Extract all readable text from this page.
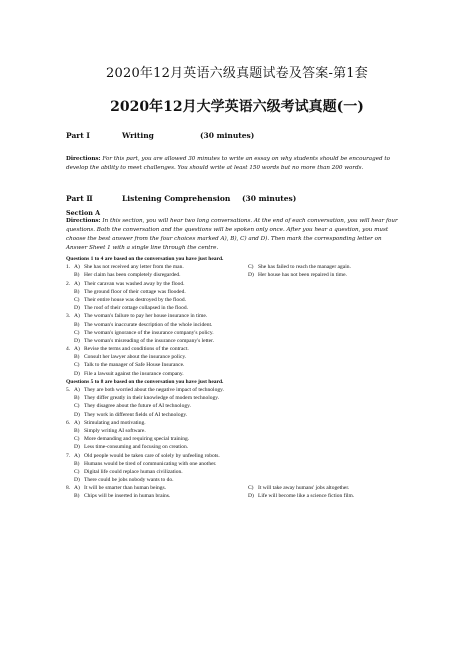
2020年12月英语六级真题试卷及答案-第1套
2020年12月大学英语六级考试真题(一)
Part Ⅰ	Writing	(30 minutes)
Directions: For this part, you are allowed 30 minutes to write an essay on why students should be encouraged to develop the ability to meet challenges. You should write at least 150 words but no more than 200 words.
Part Ⅱ	Listening Comprehension (30 minutes)
Section A
Directions: In this section, you will hear two long conversations. At the end of each conversation, you will hear four questions. Both the conversation and the questions will be spoken only once. After you hear a question, you must choose the best answer from the four choices marked A), B), C) and D). Then mark the corresponding letter on Answer Sheet 1 with a single line through the centre.
Questions 1 to 4 are based on the conversation you have just heard.
1. A) She has not received any letter from the man.	C) She has failed to reach the manager again.
B) Her claim has been completely disregarded.	D) Her house has not been repaired in time.
2. A) Their caravan was washed away by the flood.
B) The ground floor of their cottage was flooded.
C) Their entire house was destroyed by the flood.
D) The roof of their cottage collapsed in the flood.
3. A) The woman's failure to pay her house insurance in time.
B) The woman's inaccurate description of the whole incident.
C) The woman's ignorance of the insurance company's policy.
D) The woman's misreading of the insurance company's letter.
4. A) Revise the terms and conditions of the contract.
B) Consult her lawyer about the insurance policy.
C) Talk to the manager of Safe House Insurance.
D) File a lawsuit against the insurance company.
Questions 5 to 8 are based on the conversation you have just heard.
5. A) They are both worried about the negative impact of technology.
B) They differ greatly in their knowledge of modern technology.
C) They disagree about the future of AI technology.
D) They work in different fields of AI technology.
6. A) Stimulating and motivating.
B) Simply writing AI software.
C) More demanding and requiring special training.
D) Less time-consuming and focusing on creation.
7. A) Old people would be taken care of solely by unfeeling robots.
B) Humans would be tired of communicating with one another.
C) Digital life could replace human civilization.
D) There could be jobs nobody wants to do.
8. A) It will be smarter than human beings.	C) It will take away humans' jobs altogether.
B) Chips will be inserted in human brains.	D) Life will become like a science fiction film.
